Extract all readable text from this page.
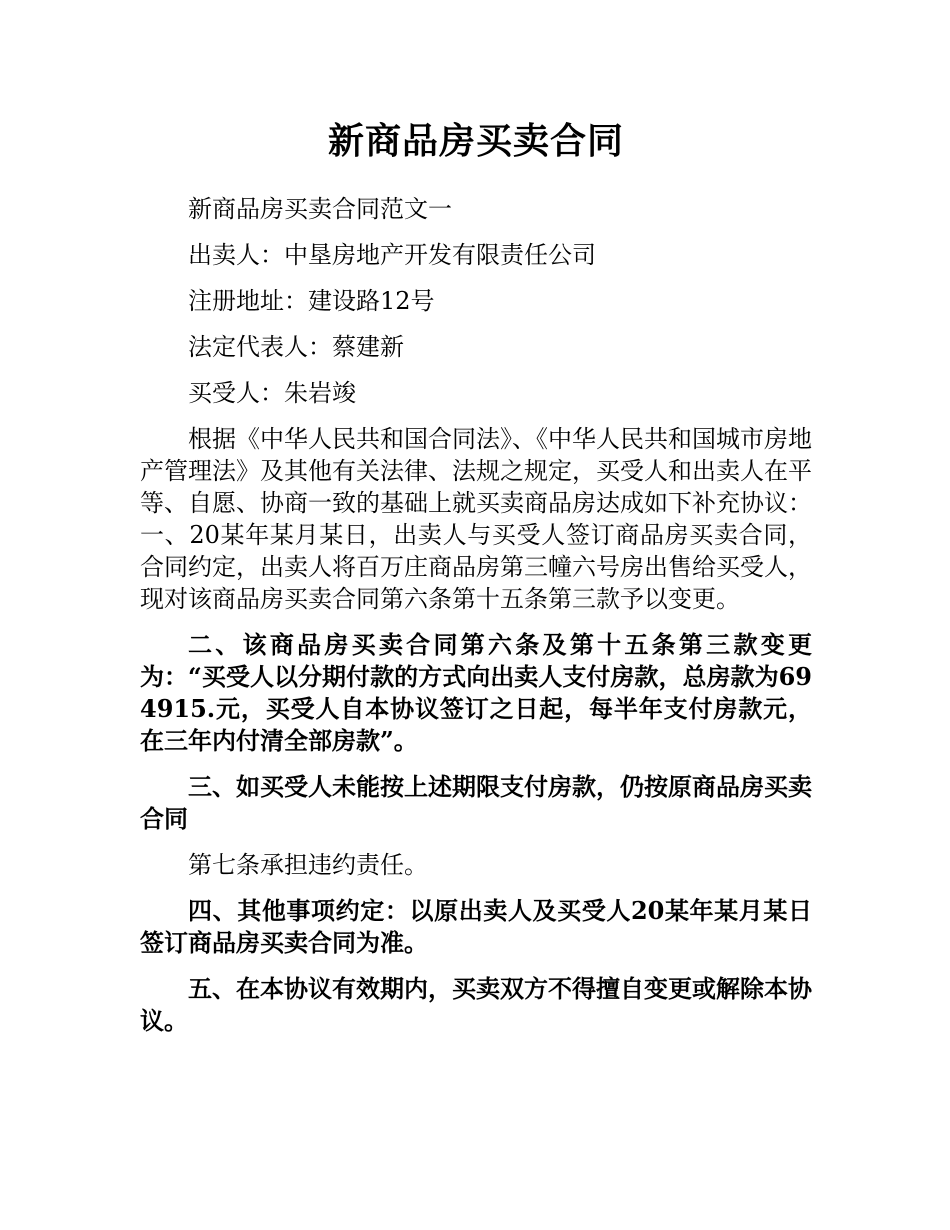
新商品房买卖合同

新商品房买卖合同范文一

出卖人：中垦房地产开发有限责任公司

注册地址：建设路12号

法定代表人：蔡建新

买受人：朱岩竣

根据《中华人民共和国合同法》、《中华人民共和国城市房地产管理法》及其他有关法律、法规之规定，买受人和出卖人在平等、自愿、协商一致的基础上就买卖商品房达成如下补充协议：一、20某年某月某日，出卖人与买受人签订商品房买卖合同，合同约定，出卖人将百万庄商品房第三幢六号房出售给买受人，现对该商品房买卖合同第六条第十五条第三款予以变更。

二、该商品房买卖合同第六条及第十五条第三款变更为：“买受人以分期付款的方式向出卖人支付房款，总房款为694915.元，买受人自本协议签订之日起，每半年支付房款元，在三年内付清全部房款”。

三、如买受人未能按上述期限支付房款，仍按原商品房买卖合同

第七条承担违约责任。

四、其他事项约定：以原出卖人及买受人20某年某月某日签订商品房买卖合同为准。

五、在本协议有效期内，买卖双方不得擅自变更或解除本协议。
